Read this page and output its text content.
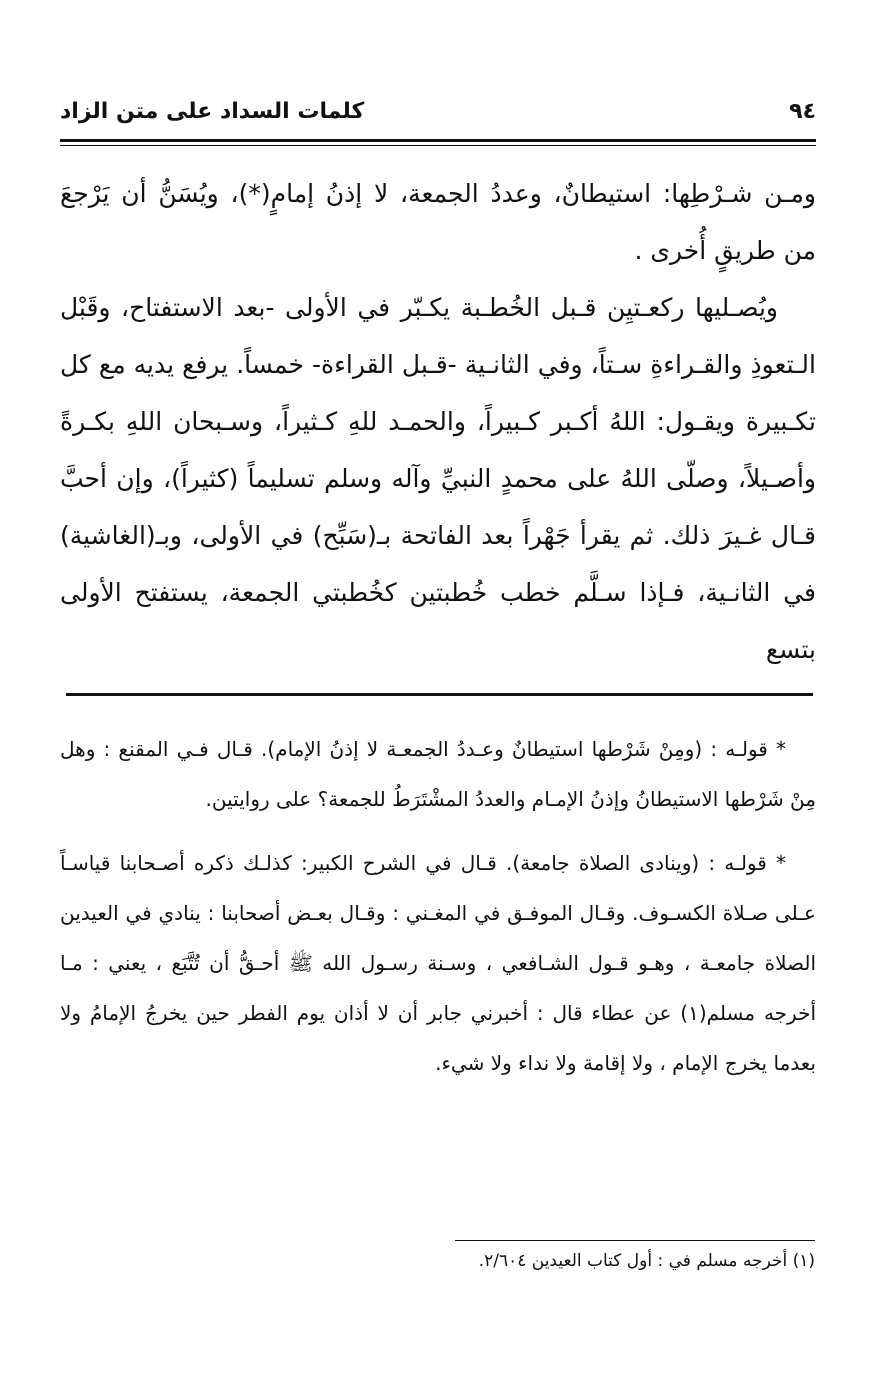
٩٤
كلمات السداد على متن الزاد

ومـن شـرْطِها: استيطانٌ، وعددُ الجمعة، لا إذنُ إمامٍ(*)، ويُسَنُّ أن يَرْجعَ من طريقٍ أُخرى .

ويُصـليها ركعـتيِن قـبل الخُطـبة يكـبّر في الأولى -بعد الاستفتاح، وقَبْل الـتعوذِ والقـراءةِ سـتاً، وفي الثانـية -قـبل القراءة- خمساً. يرفع يديه مع كل تكـبيرة ويقـول: اللهُ أكـبر كـبيراً، والحمـد للهِ كـثيراً، وسـبحان اللهِ بكـرةً وأصـيلاً، وصلّى اللهُ على محمدٍ النبيِّ وآله وسلم تسليماً (كثيراً)، وإن أحبَّ قـال غـيرَ ذلك. ثم يقرأ جَهْراً بعد الفاتحة بـ(سَبِّح) في الأولى، وبـ(الغاشية) في الثانـية، فـإذا سـلَّم خطب خُطبتين كخُطبتي الجمعة، يستفتح الأولى بتسع

* قولـه : (ومِنْ شَرْطها استيطانٌ وعـددُ الجمعـة لا إذنُ الإمام). قـال فـي المقنع : وهل مِنْ شَرْطها الاستيطانُ وإذنُ الإمـام والعددُ المشْتَرَطُ للجمعة؟ على روايتين.

* قولـه : (وينادى الصلاة جامعة). قـال في الشرح الكبير: كذلـك ذكره أصـحابنا قياسـاً عـلى صـلاة الكسـوف. وقـال الموفـق في المغـني : وقـال بعـض أصحابنا : ينادي في العيدين الصلاة جامعـة ، وهـو قـول الشـافعي ، وسـنة رسـول الله ﷺ أحـقُّ أن تُتَّبَع ، يعني : مـا أخرجه مسلم(١) عن عطاء قال : أخبرني جابر أن لا أذان يوم الفطر حين يخرجُ الإمامُ ولا بعدما يخرج الإمام ، ولا إقامة ولا نداء ولا شيء.

(١) أخرجه مسلم في : أول كتاب العيدين ٢/٦٠٤.
